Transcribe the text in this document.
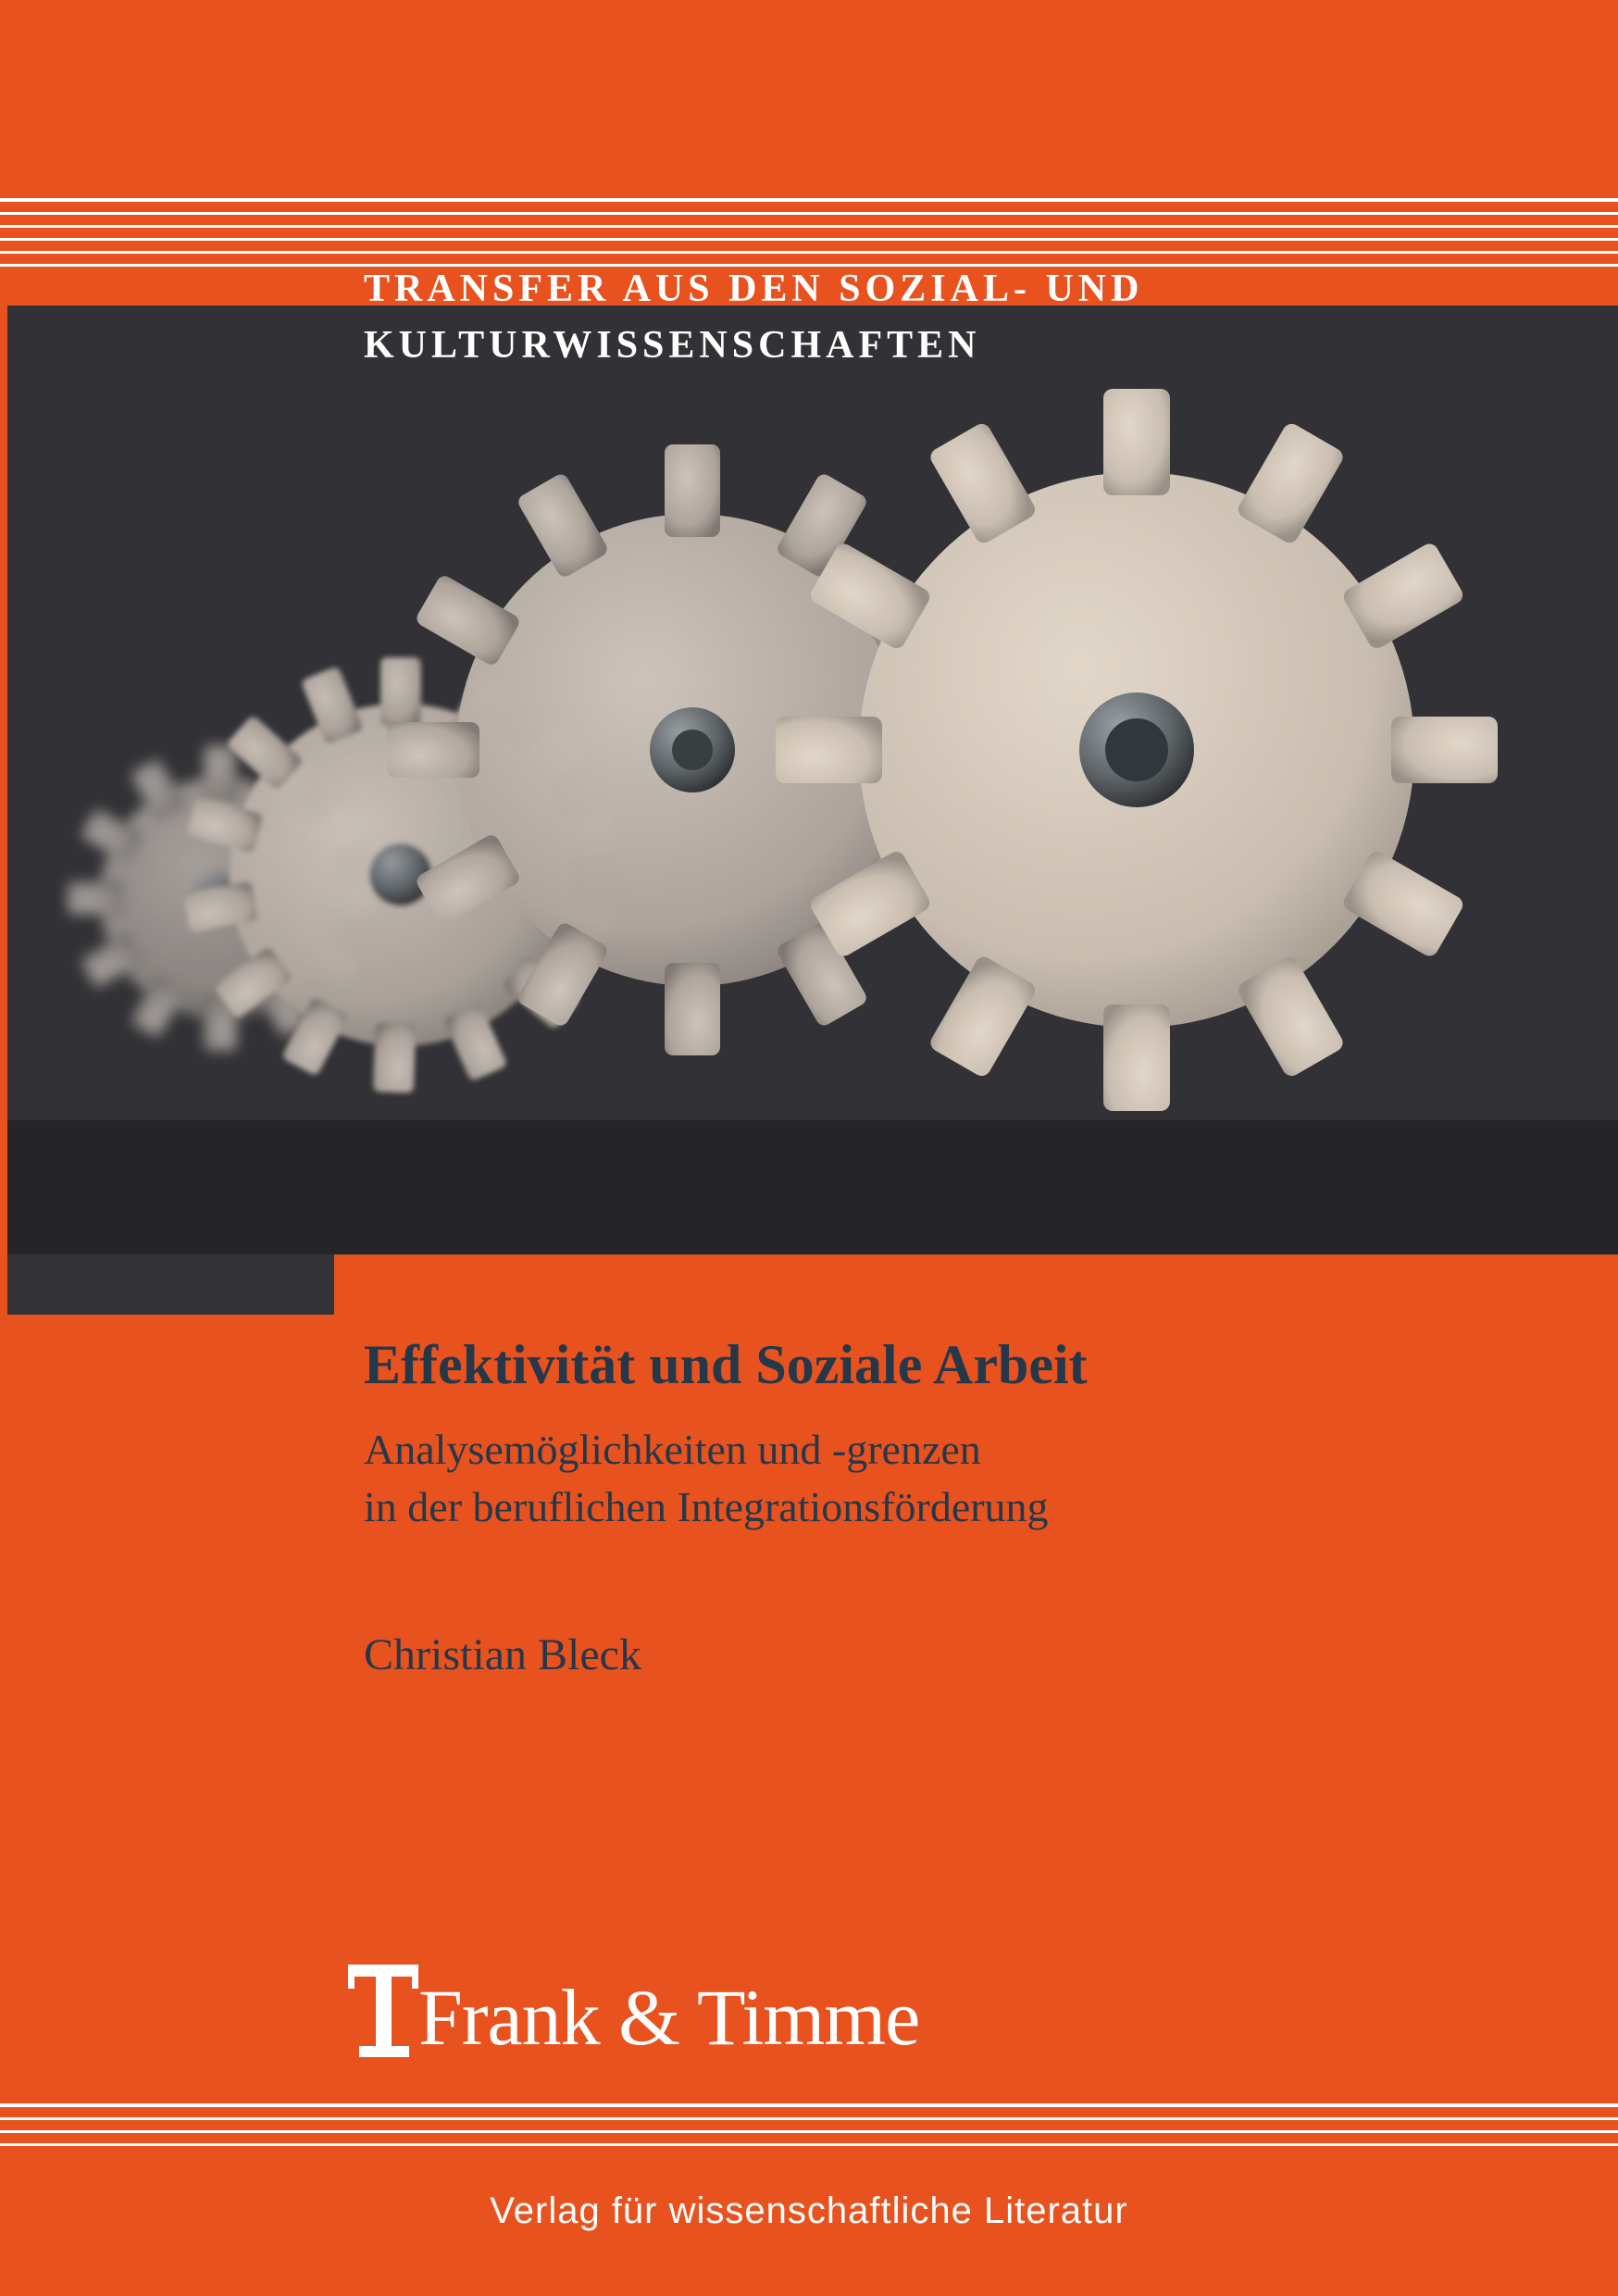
TRANSFER AUS DEN SOZIAL- UND
KULTURWISSENSCHAFTEN
Effektivität und Soziale Arbeit
Analysemöglichkeiten und -grenzen
in der beruflichen Integrationsförderung
Christian Bleck
Frank & Timme
Verlag für wissenschaftliche Literatur
